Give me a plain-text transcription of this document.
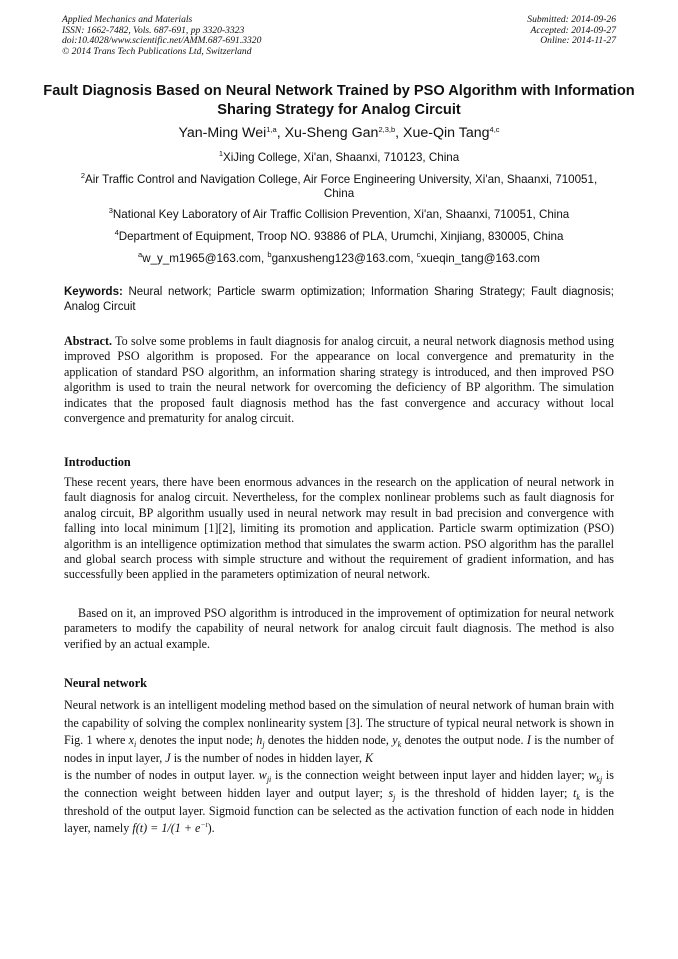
Applied Mechanics and Materials
ISSN: 1662-7482, Vols. 687-691, pp 3320-3323
doi:10.4028/www.scientific.net/AMM.687-691.3320
© 2014 Trans Tech Publications Ltd, Switzerland
Submitted: 2014-09-26
Accepted: 2014-09-27
Online: 2014-11-27
Fault Diagnosis Based on Neural Network Trained by PSO Algorithm with Information Sharing Strategy for Analog Circuit
Yan-Ming Wei$^{1,a}$, Xu-Sheng Gan$^{2,3,b}$, Xue-Qin Tang$^{4,c}$
$^1$XiJing College, Xi'an, Shaanxi, 710123, China
$^2$Air Traffic Control and Navigation College, Air Force Engineering University, Xi'an, Shaanxi, 710051, China
$^3$National Key Laboratory of Air Traffic Collision Prevention, Xi'an, Shaanxi, 710051, China
$^4$Department of Equipment, Troop NO. 93886 of PLA, Urumchi, Xinjiang, 830005, China
$^a$w_y_m1965@163.com, $^b$ganxusheng123@163.com, $^c$xueqin_tang@163.com
Keywords: Neural network; Particle swarm optimization; Information Sharing Strategy; Fault diagnosis; Analog Circuit
Abstract. To solve some problems in fault diagnosis for analog circuit, a neural network diagnosis method using improved PSO algorithm is proposed. For the appearance on local convergence and prematurity in the application of standard PSO algorithm, an information sharing strategy is introduced, and then improved PSO algorithm is used to train the neural network for overcoming the deficiency of BP algorithm. The simulation indicates that the proposed fault diagnosis method has the fast convergence and accuracy without local convergence and prematurity for analog circuit.
Introduction
These recent years, there have been enormous advances in the research on the application of neural network in fault diagnosis for analog circuit. Nevertheless, for the complex nonlinear problems such as fault diagnosis for analog circuit, BP algorithm usually used in neural network may result in bad precision and convergence with falling into local minimum [1][2], limiting its promotion and application. Particle swarm optimization (PSO) algorithm is an intelligence optimization method that simulates the swarm action. PSO algorithm has the parallel and global search process with simple structure and without the requirement of gradient information, and has successfully been applied in the parameters optimization of neural network.
Based on it, an improved PSO algorithm is introduced in the improvement of optimization for neural network parameters to modify the capability of neural network for analog circuit fault diagnosis. The method is also verified by an actual example.
Neural network
Neural network is an intelligent modeling method based on the simulation of neural network of human brain with the capability of solving the complex nonlinearity system [3]. The structure of typical neural network is shown in Fig. 1 where $x_i$ denotes the input node; $h_j$ denotes the hidden node, $y_k$ denotes the output node. I is the number of nodes in input layer, J is the number of nodes in hidden layer, K
is the number of nodes in output layer. $w_{ji}$ is the connection weight between input layer and hidden layer; $w_{kj}$ is the connection weight between hidden layer and output layer; $s_j$ is the threshold of hidden layer; $t_k$ is the threshold of the output layer. Sigmoid function can be selected as the activation function of each node in hidden layer, namely $f(t) = 1/(1 + e^{-t})$.
